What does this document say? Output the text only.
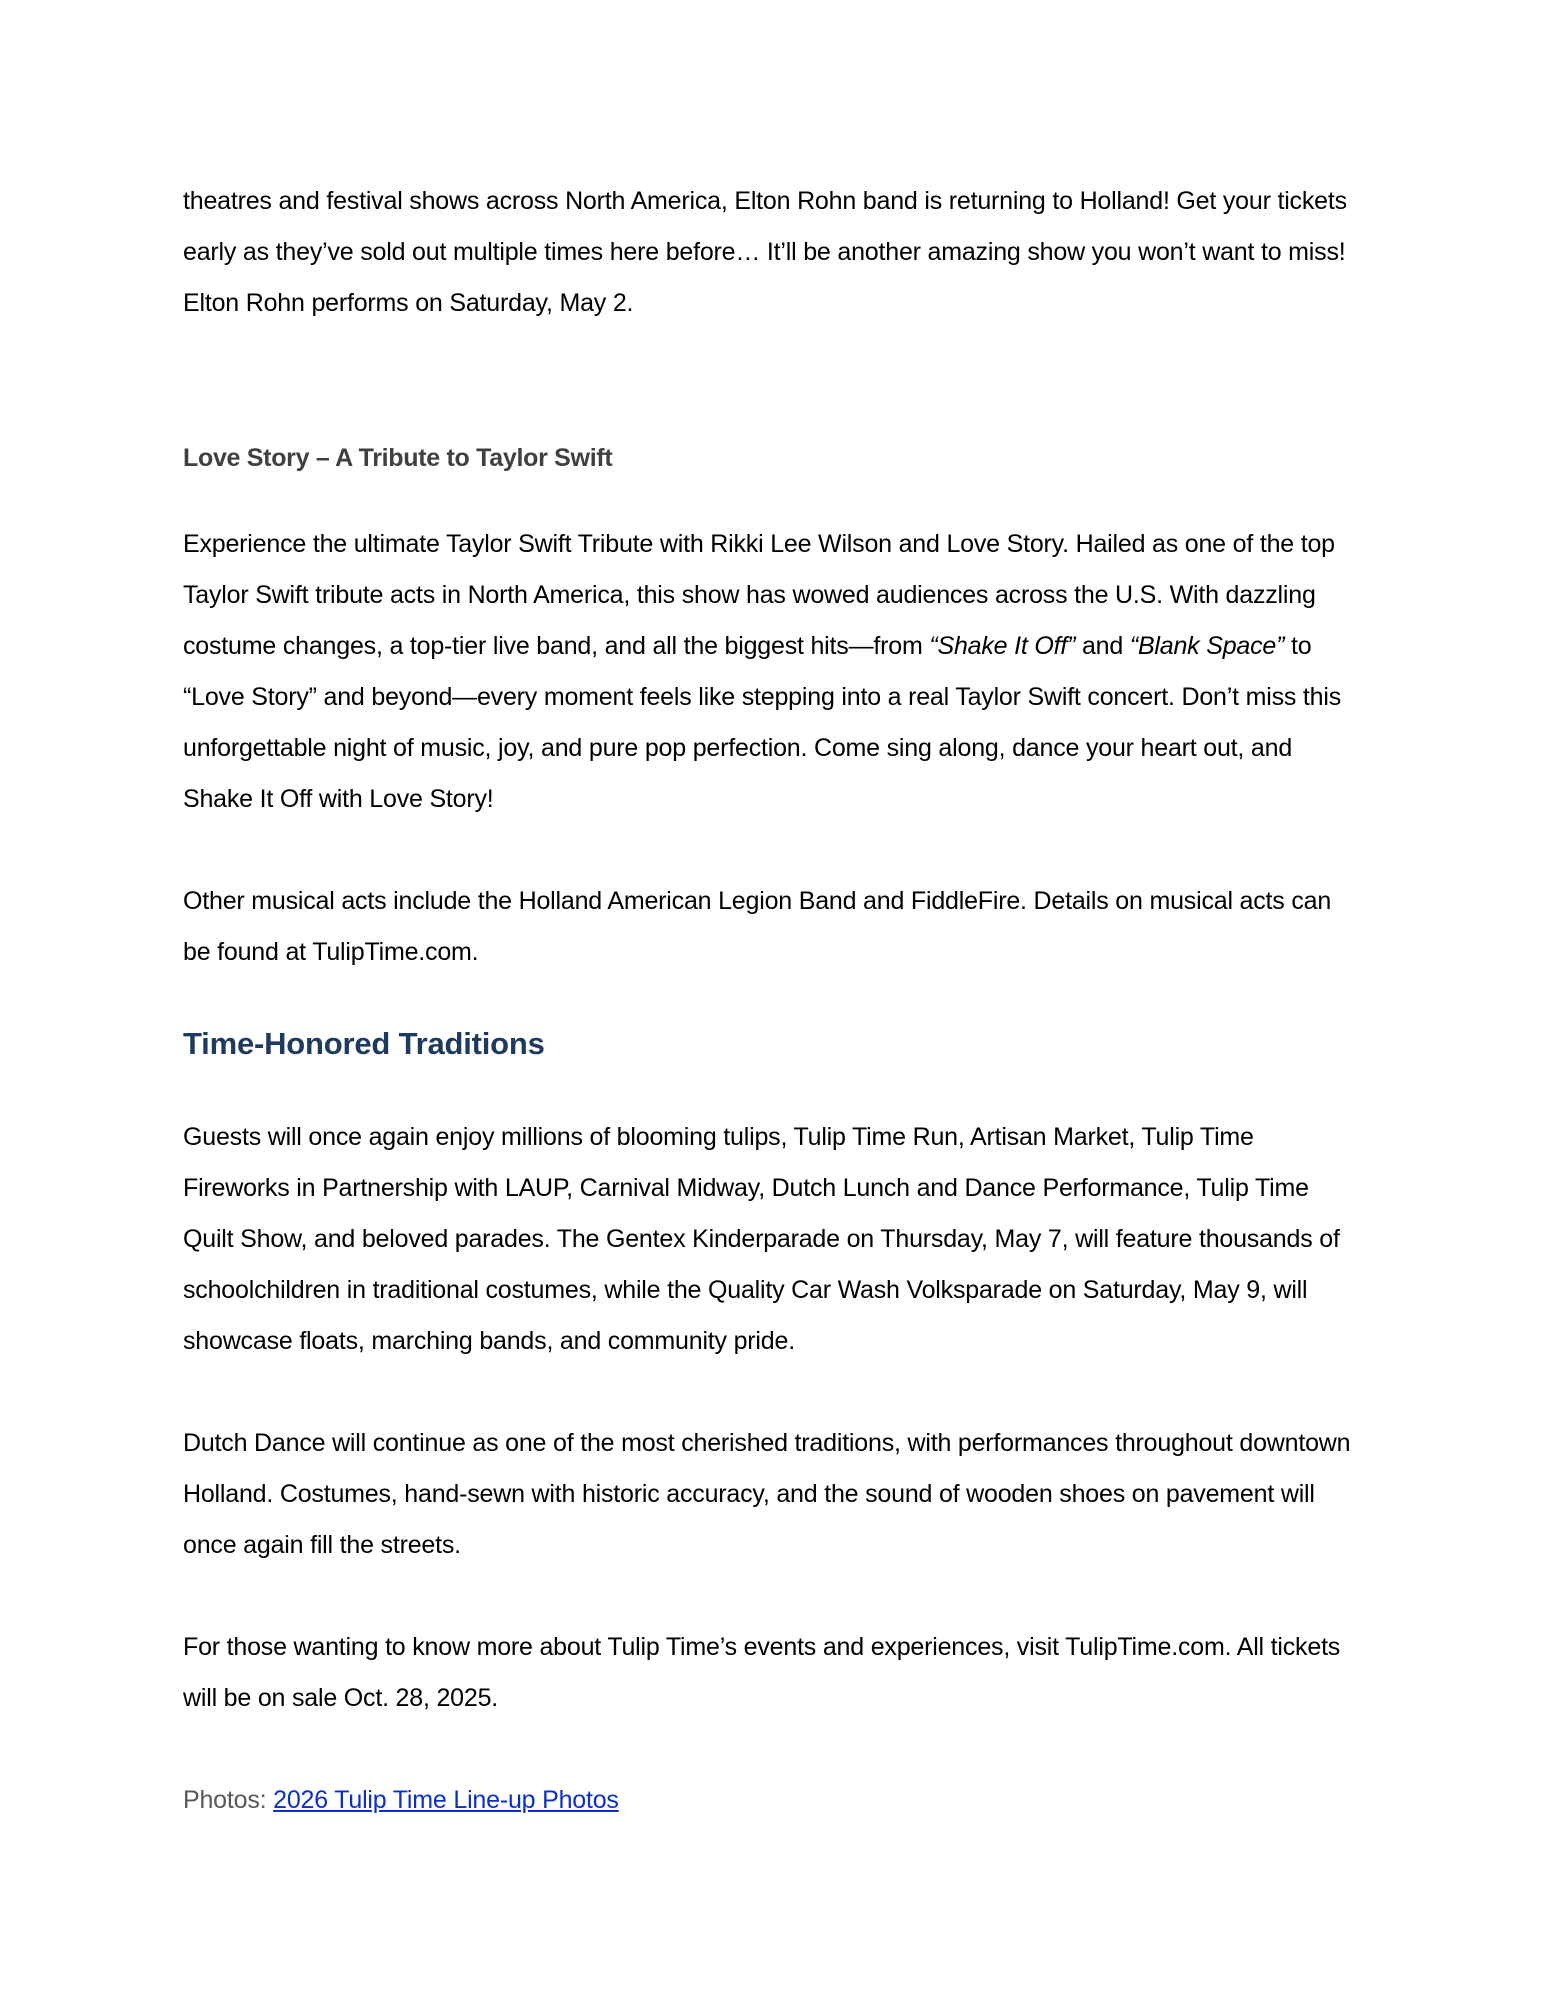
theatres and festival shows across North America, Elton Rohn band is returning to Holland! Get your tickets early as they’ve sold out multiple times here before… It’ll be another amazing show you won’t want to miss! Elton Rohn performs on Saturday, May 2.

Love Story – A Tribute to Taylor Swift

Experience the ultimate Taylor Swift Tribute with Rikki Lee Wilson and Love Story. Hailed as one of the top Taylor Swift tribute acts in North America, this show has wowed audiences across the U.S. With dazzling costume changes, a top-tier live band, and all the biggest hits—from “Shake It Off” and “Blank Space” to “Love Story” and beyond—every moment feels like stepping into a real Taylor Swift concert. Don’t miss this unforgettable night of music, joy, and pure pop perfection. Come sing along, dance your heart out, and Shake It Off with Love Story!

Other musical acts include the Holland American Legion Band and FiddleFire. Details on musical acts can be found at TulipTime.com.

Time-Honored Traditions

Guests will once again enjoy millions of blooming tulips, Tulip Time Run, Artisan Market, Tulip Time Fireworks in Partnership with LAUP, Carnival Midway, Dutch Lunch and Dance Performance, Tulip Time Quilt Show, and beloved parades. The Gentex Kinderparade on Thursday, May 7, will feature thousands of schoolchildren in traditional costumes, while the Quality Car Wash Volksparade on Saturday, May 9, will showcase floats, marching bands, and community pride.

Dutch Dance will continue as one of the most cherished traditions, with performances throughout downtown Holland. Costumes, hand-sewn with historic accuracy, and the sound of wooden shoes on pavement will once again fill the streets.

For those wanting to know more about Tulip Time’s events and experiences, visit TulipTime.com. All tickets will be on sale Oct. 28, 2025.

Photos: 2026 Tulip Time Line-up Photos
